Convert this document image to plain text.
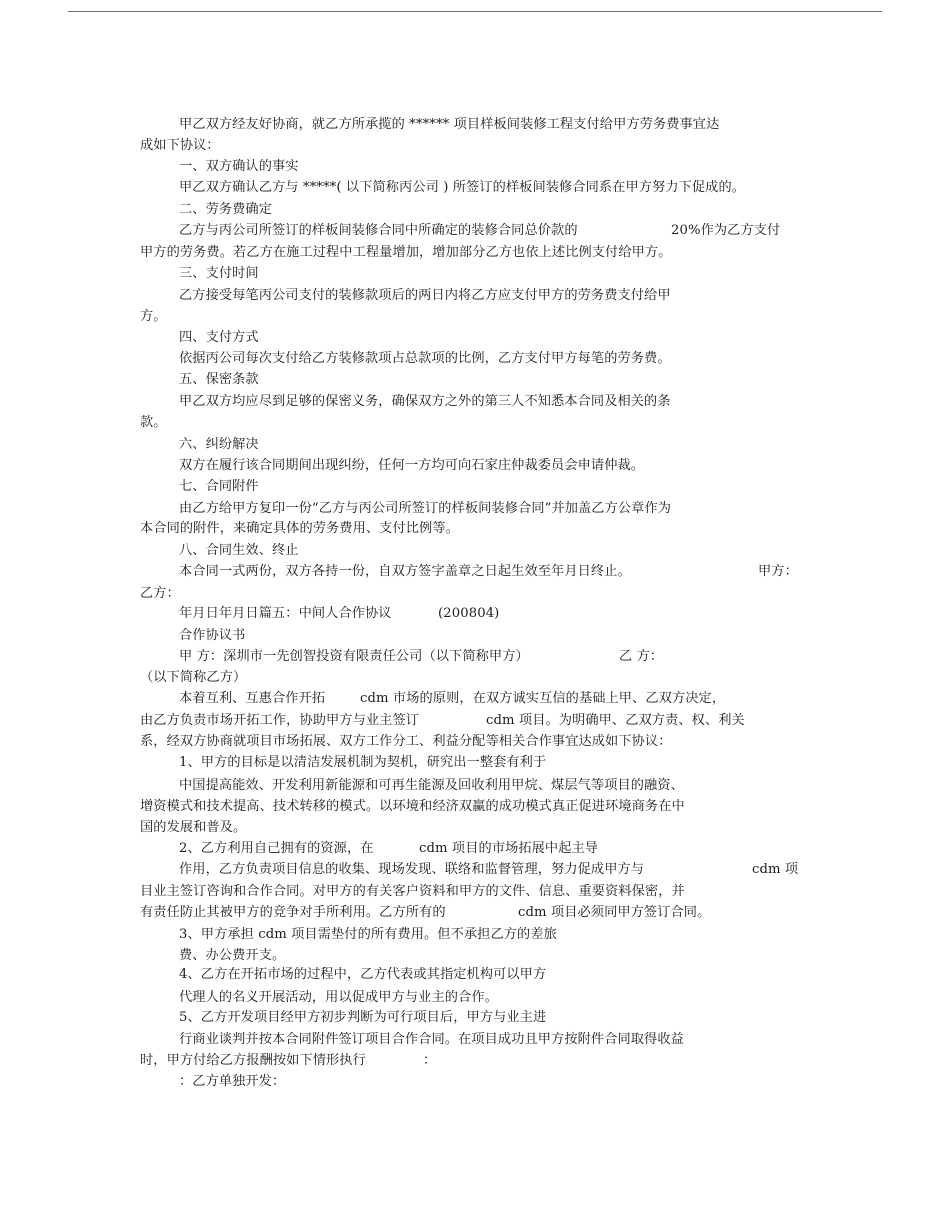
甲乙双方经友好协商，就乙方所承揽的 ****** 项目样板间装修工程支付给甲方劳务费事宜达
成如下协议：
一、双方确认的事实
甲乙双方确认乙方与 *****( 以下简称丙公司 ) 所签订的样板间装修合同系在甲方努力下促成的。
二、劳务费确定
乙方与丙公司所签订的样板间装修合同中所确定的装修合同总价款的	20%作为乙方支付
甲方的劳务费。若乙方在施工过程中工程量增加，增加部分乙方也依上述比例支付给甲方。
三、支付时间
乙方接受每笔丙公司支付的装修款项后的两日内将乙方应支付甲方的劳务费支付给甲
方。
四、支付方式
依据丙公司每次支付给乙方装修款项占总款项的比例，乙方支付甲方每笔的劳务费。
五、保密条款
甲乙双方均应尽到足够的保密义务，确保双方之外的第三人不知悉本合同及相关的条
款。
六、纠纷解决
双方在履行该合同期间出现纠纷，任何一方均可向石家庄仲裁委员会申请仲裁。
七、合同附件
由乙方给甲方复印一份“乙方与丙公司所签订的样板间装修合同”并加盖乙方公章作为
本合同的附件，来确定具体的劳务费用、支付比例等。
八、合同生效、终止
本合同一式两份，双方各持一份，自双方签字盖章之日起生效至年月日终止。	甲方：
乙方：
年月日年月日篇五：中间人合作协议	(200804)
合作协议书
甲 方：深圳市一先创智投资有限责任公司（以下简称甲方）	乙 方：
（以下简称乙方）
本着互利、互惠合作开拓	cdm 市场的原则，在双方诚实互信的基础上甲、乙双方决定，
由乙方负责市场开拓工作，协助甲方与业主签订	cdm 项目。为明确甲、乙双方责、权、利关
系，经双方协商就项目市场拓展、双方工作分工、利益分配等相关合作事宜达成如下协议：
1、甲方的目标是以清洁发展机制为契机，研究出一整套有利于
中国提高能效、开发利用新能源和可再生能源及回收利用甲烷、煤层气等项目的融资、
增资模式和技术提高、技术转移的模式。以环境和经济双赢的成功模式真正促进环境商务在中
国的发展和普及。
2、乙方利用自己拥有的资源，在	cdm 项目的市场拓展中起主导
作用，乙方负责项目信息的收集、现场发现、联络和监督管理，努力促成甲方与	cdm 项
目业主签订咨询和合作合同。对甲方的有关客户资料和甲方的文件、信息、重要资料保密，并
有责任防止其被甲方的竞争对手所利用。乙方所有的	cdm 项目必须同甲方签订合同。
3、甲方承担 cdm 项目需垫付的所有费用。但不承担乙方的差旅
费、办公费开支。
4、乙方在开拓市场的过程中，乙方代表或其指定机构可以甲方
代理人的名义开展活动，用以促成甲方与业主的合作。
5、乙方开发项目经甲方初步判断为可行项目后，甲方与业主进
行商业谈判并按本合同附件签订项目合作合同。在项目成功且甲方按附件合同取得收益
时，甲方付给乙方报酬按如下情形执行	：
：乙方单独开发：
